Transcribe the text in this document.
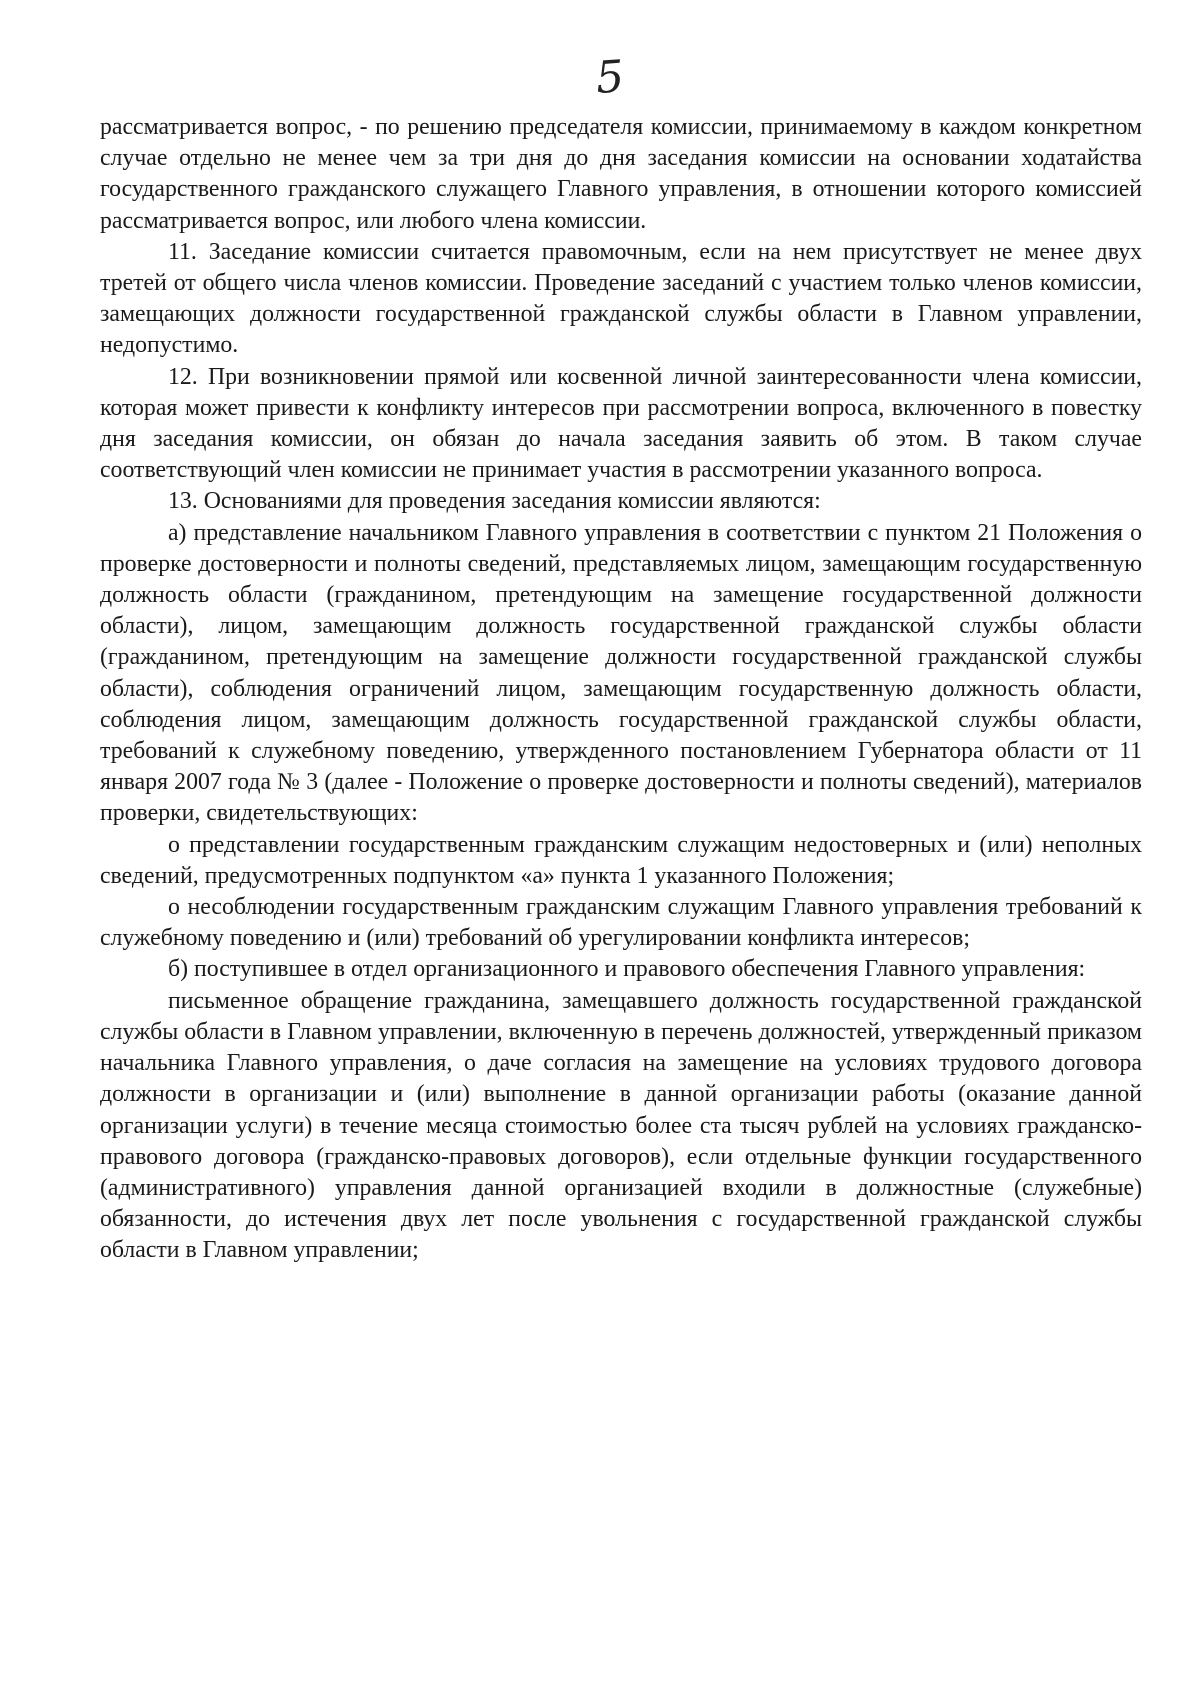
5

рассматривается вопрос, - по решению председателя комиссии, принимаемому в каждом конкретном случае отдельно не менее чем за три дня до дня заседания комиссии на основании ходатайства государственного гражданского служащего Главного управления, в отношении которого комиссией рассматривается вопрос, или любого члена комиссии.

11. Заседание комиссии считается правомочным, если на нем присутствует не менее двух третей от общего числа членов комиссии. Проведение заседаний с участием только членов комиссии, замещающих должности государственной гражданской службы области в Главном управлении, недопустимо.

12. При возникновении прямой или косвенной личной заинтересованности члена комиссии, которая может привести к конфликту интересов при рассмотрении вопроса, включенного в повестку дня заседания комиссии, он обязан до начала заседания заявить об этом. В таком случае соответствующий член комиссии не принимает участия в рассмотрении указанного вопроса.

13. Основаниями для проведения заседания комиссии являются:

а) представление начальником Главного управления в соответствии с пунктом 21 Положения о проверке достоверности и полноты сведений, представляемых лицом, замещающим государственную должность области (гражданином, претендующим на замещение государственной должности области), лицом, замещающим должность государственной гражданской службы области (гражданином, претендующим на замещение должности государственной гражданской службы области), соблюдения ограничений лицом, замещающим государственную должность области, соблюдения лицом, замещающим должность государственной гражданской службы области, требований к служебному поведению, утвержденного постановлением Губернатора области от 11 января 2007 года № 3 (далее - Положение о проверке достоверности и полноты сведений), материалов проверки, свидетельствующих:

о представлении государственным гражданским служащим недостоверных и (или) неполных сведений, предусмотренных подпунктом «а» пункта 1 указанного Положения;

о несоблюдении государственным гражданским служащим Главного управления требований к служебному поведению и (или) требований об урегулировании конфликта интересов;

б) поступившее в отдел организационного и правового обеспечения Главного управления:

письменное обращение гражданина, замещавшего должность государственной гражданской службы области в Главном управлении, включенную в перечень должностей, утвержденный приказом начальника Главного управления, о даче согласия на замещение на условиях трудового договора должности в организации и (или) выполнение в данной организации работы (оказание данной организации услуги) в течение месяца стоимостью более ста тысяч рублей на условиях гражданско-правового договора (гражданско-правовых договоров), если отдельные функции государственного (административного) управления данной организацией входили в должностные (служебные) обязанности, до истечения двух лет после увольнения с государственной гражданской службы области в Главном управлении;
